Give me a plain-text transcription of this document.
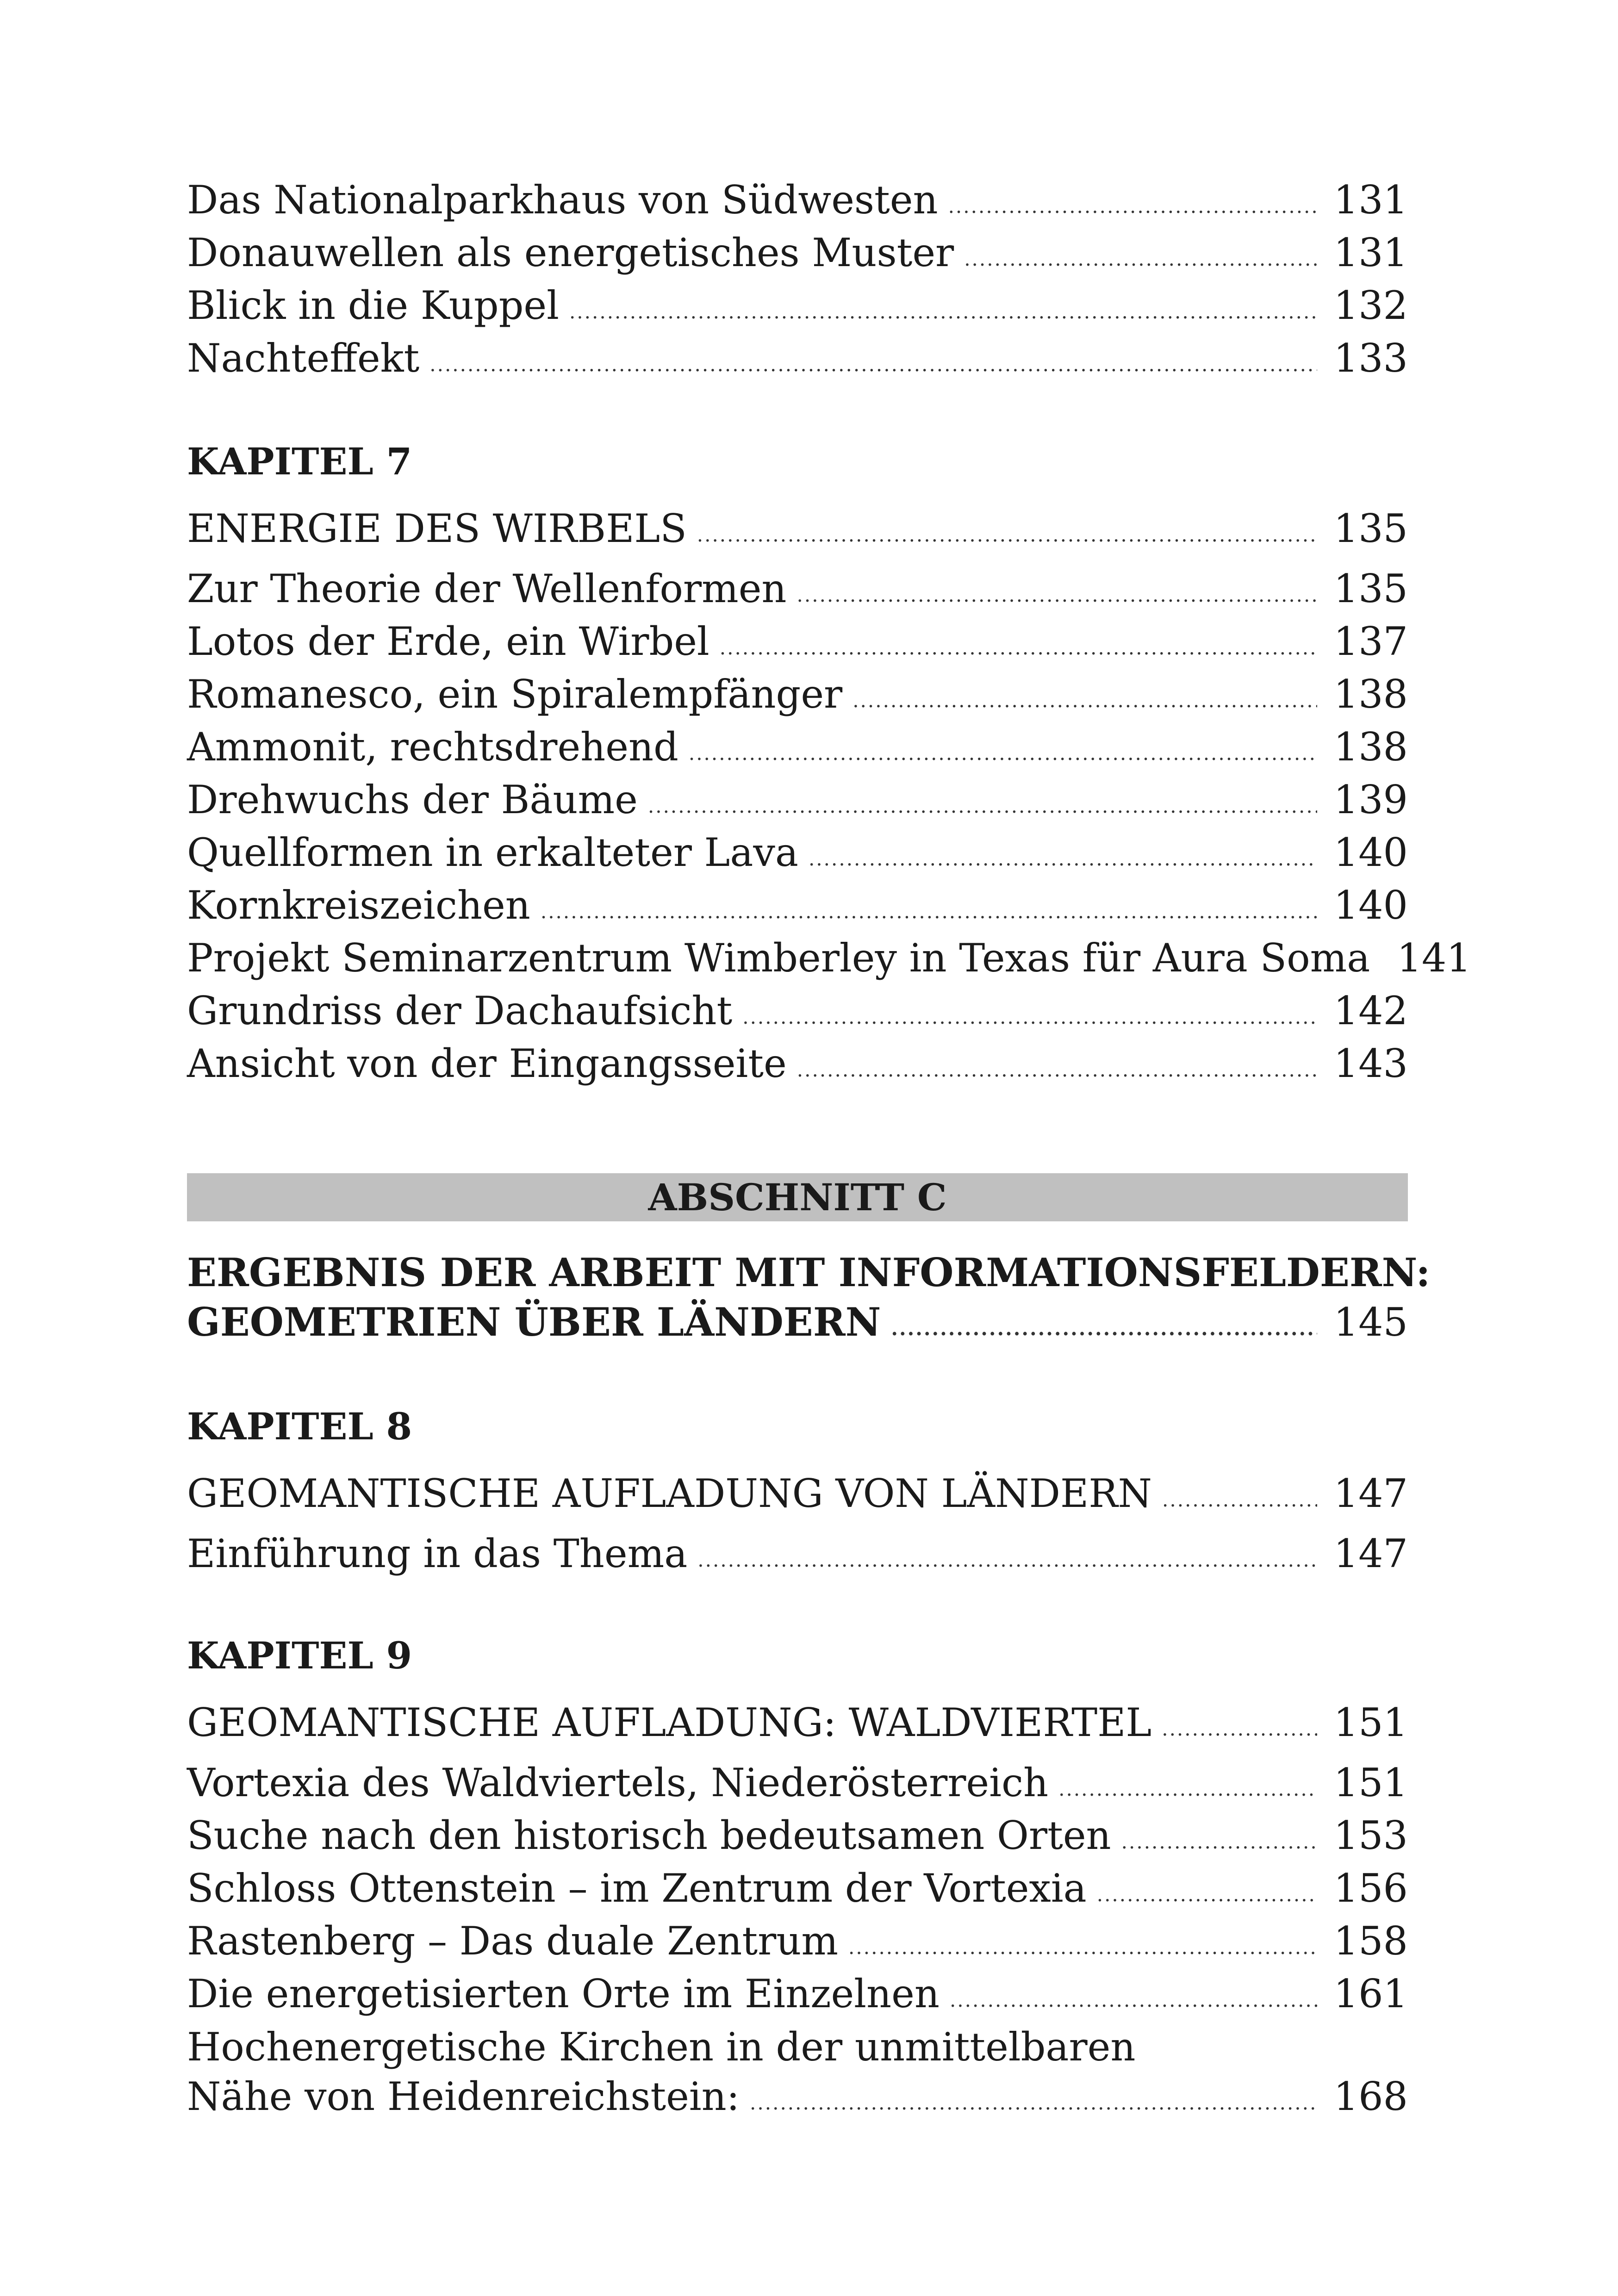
Das Nationalparkhaus von Südwesten .....	131
Donauwellen als energetisches Muster .....	131
Blick in die Kuppel .....	132
Nachteffekt .....	133
KAPITEL 7
ENERGIE DES WIRBELS .....	135
Zur Theorie der Wellenformen .....	135
Lotos der Erde, ein Wirbel .....	137
Romanesco, ein Spiralempfänger .....	138
Ammonit, rechtsdrehend .....	138
Drehwuchs der Bäume .....	139
Quellformen in erkalteter Lava .....	140
Kornkreiszeichen .....	140
Projekt Seminarzentrum Wimberley in Texas für Aura Soma 141
Grundriss der Dachaufsicht .....	142
Ansicht von der Eingangsseite .....	143
ABSCHNITT C
ERGEBNIS DER ARBEIT MIT INFORMATIONSFELDERN:
GEOMETRIEN ÜBER LÄNDERN .....	145
KAPITEL 8
GEOMANTISCHE AUFLADUNG VON LÄNDERN .....	147
Einführung in das Thema .....	147
KAPITEL 9
GEOMANTISCHE AUFLADUNG: WALDVIERTEL .....	151
Vortexia des Waldviertels, Niederösterreich .....	151
Suche nach den historisch bedeutsamen Orten .....	153
Schloss Ottenstein – im Zentrum der Vortexia .....	156
Rastenberg – Das duale Zentrum .....	158
Die energetisierten Orte im Einzelnen .....	161
Hochenergetische Kirchen in der unmittelbaren
Nähe von Heidenreichstein: .....	168
